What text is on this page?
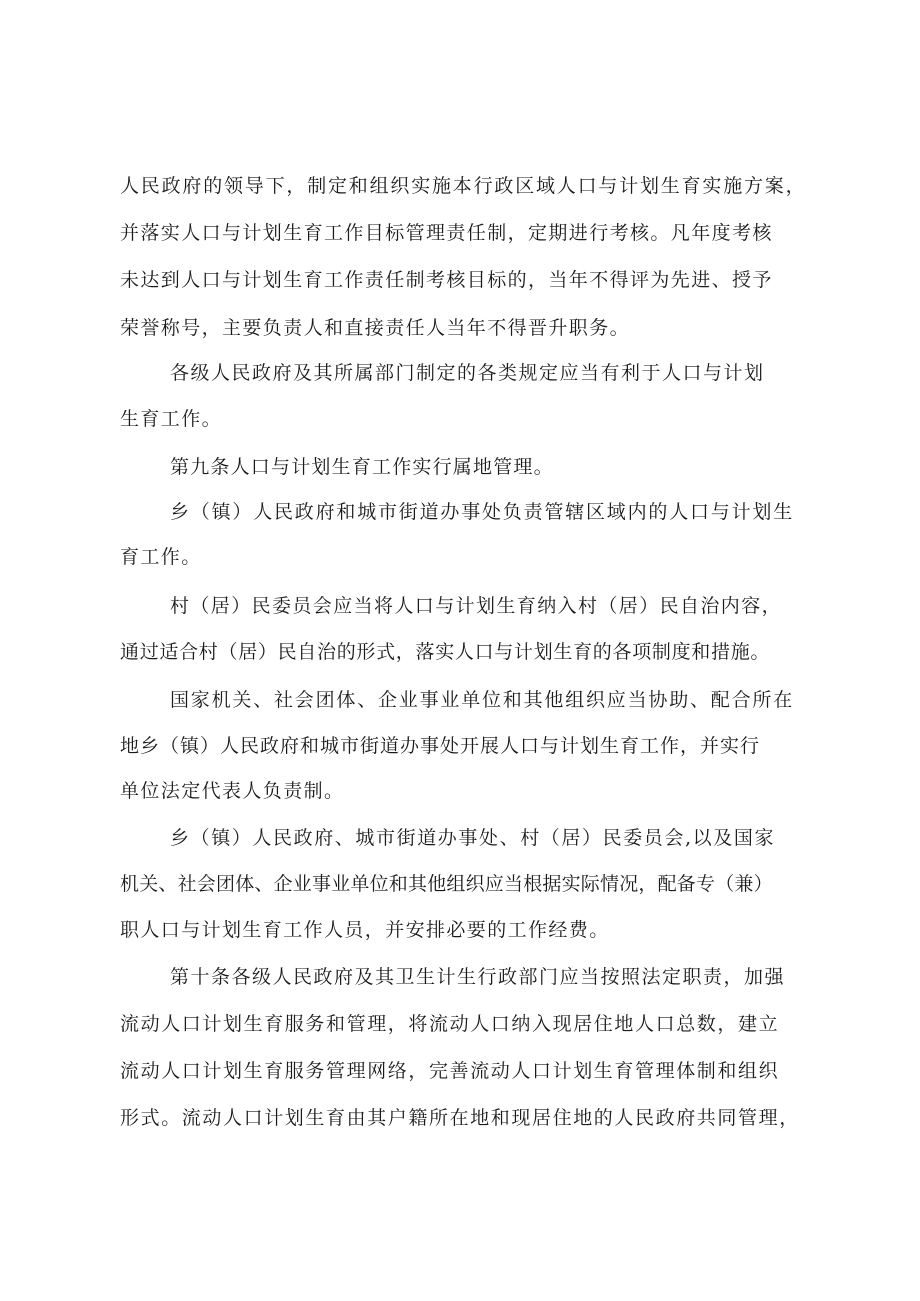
人民政府的领导下，制定和组织实施本行政区域人口与计划生育实施方案，
并落实人口与计划生育工作目标管理责任制，定期进行考核。凡年度考核
未达到人口与计划生育工作责任制考核目标的，当年不得评为先进、授予
荣誉称号，主要负责人和直接责任人当年不得晋升职务。
各级人民政府及其所属部门制定的各类规定应当有利于人口与计划
生育工作。
第九条人口与计划生育工作实行属地管理。
乡（镇）人民政府和城市街道办事处负责管辖区域内的人口与计划生
育工作。
村（居）民委员会应当将人口与计划生育纳入村（居）民自治内容，
通过适合村（居）民自治的形式，落实人口与计划生育的各项制度和措施。
国家机关、社会团体、企业事业单位和其他组织应当协助、配合所在
地乡（镇）人民政府和城市街道办事处开展人口与计划生育工作，并实行
单位法定代表人负责制。
乡（镇）人民政府、城市街道办事处、村（居）民委员会,以及国家
机关、社会团体、企业事业单位和其他组织应当根据实际情况，配备专（兼）
职人口与计划生育工作人员，并安排必要的工作经费。
第十条各级人民政府及其卫生计生行政部门应当按照法定职责，加强
流动人口计划生育服务和管理，将流动人口纳入现居住地人口总数，建立
流动人口计划生育服务管理网络，完善流动人口计划生育管理体制和组织
形式。流动人口计划生育由其户籍所在地和现居住地的人民政府共同管理，
